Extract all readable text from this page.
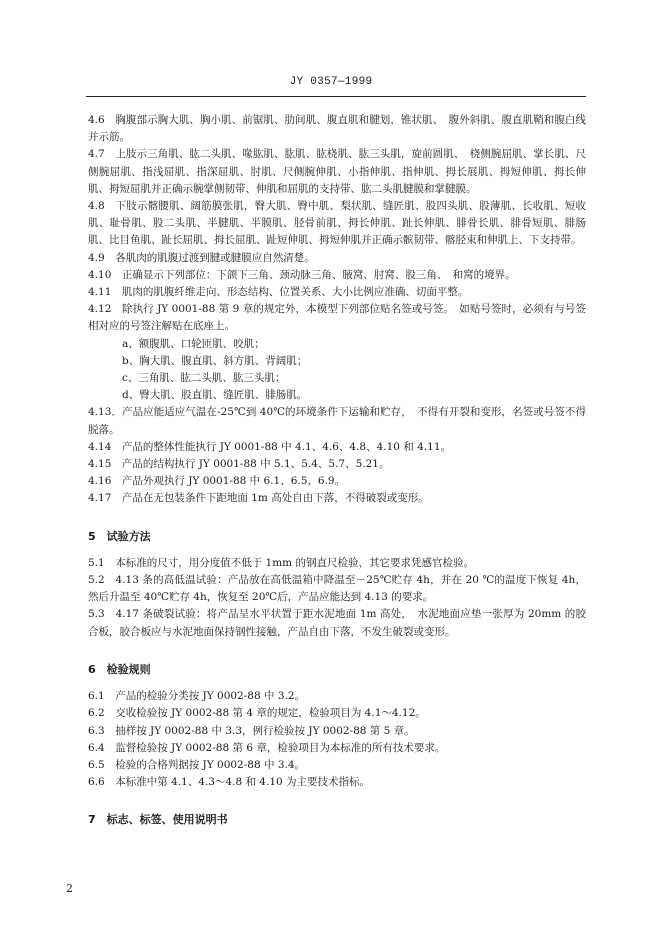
JY 0357—1999

4.6　胸腹部示胸大肌、胸小肌、前锯肌、肋间肌、腹直肌和腱划，锥状肌、　腹外斜肌、腹直肌鞘和腹白线并示筋。

4.7　上肢示三角肌、肱二头肌、喙肱肌、肱肌、肱桡肌、肱三头肌，旋前圆肌、　桡侧腕屈肌、掌长肌、尺侧腕屈肌、指浅屈肌、指深屈肌、肘肌、尺侧腕伸肌、小指伸肌、指伸肌、拇长展肌、拇短伸肌、拇长伸肌、拇短屈肌并正确示腕掌侧韧带、伸肌和屈肌的支持带、肱二头肌腱膜和掌腱膜。

4.8　下肢示髂腰肌、阔筋膜张肌，臀大肌、臀中肌、梨状肌、缝匠肌、股四头肌、股薄肌、长收肌、短收肌、耻骨肌、股二头肌、半腱肌、半膜肌、胫骨前肌、拇长伸肌、趾长伸肌、腓骨长肌、腓骨短肌、腓肠肌、比目鱼肌、趾长屈肌、拇长屈肌、趾短伸肌、拇短伸肌并正确示髌韧带、髂胫束和伸肌上、下支持带。

4.9　各肌肉的肌腹过渡到腱或腱膜应自然清楚。

4.10　正确显示下列部位：下颌下三角、颈动脉三角、腋窝、肘窝、股三角、　和窝的境界。

4.11　肌肉的肌腹纤维走向、形态结构、位置关系、大小比例应准确、切面平整。

4.12　除执行 JY 0001-88 第 9 章的规定外，本模型下列部位贴名签或号签。　如贴号签时，必须有与号签相对应的号签注解贴在底座上。

a、额腹肌、口轮匝肌、咬肌；

b、胸大肌、腹直肌、斜方肌、背阔肌；

c、三角肌、肱二头肌、肱三头肌；

d、臀大肌、股直肌、缝匠肌、腓肠肌。

4.13．产品应能适应气温在-25℃到 40℃的环境条件下运输和贮存，　不得有开裂和变形，名签或号签不得脱落。

4.14　产品的整体性能执行 JY 0001-88 中 4.1、4.6、4.8、4.10 和 4.11。

4.15　产品的结构执行 JY 0001-88 中 5.1、5.4、5.7、5.21。

4.16　产品外观执行 JY 0001-88 中 6.1、6.5、6.9。

4.17　产品在无包装条件下距地面 1m 高处自由下落，不得破裂或变形。

5　试验方法

5.1　本标准的尺寸，用分度值不低于 1mm 的钢直尺检验，其它要求凭感官检验。

5.2　4.13 条的高低温试验：产品放在高低温箱中降温至－25℃贮存 4h，并在 20 ℃的温度下恢复 4h，然后升温至 40℃贮存 4h，恢复至 20℃后，产品应能达到 4.13 的要求。

5.3　4.17 条破裂试验：将产品呈水平状置于距水泥地面 1m 高处，　水泥地面应垫一张厚为 20mm 的胶合板，胶合板应与水泥地面保持钢性接触，产品自由下落，不发生破裂或变形。

6　检验规则

6.1　产品的检验分类按 JY 0002-88 中 3.2。

6.2　交收检验按 JY 0002-88 第 4 章的规定，检验项目为 4.1～4.12。

6.3　抽样按 JY 0002-88 中 3.3，例行检验按 JY 0002-88 第 5 章。

6.4　监督检验按 JY 0002-88 第 6 章，检验项目为本标准的所有技术要求。

6.5　检验的合格判据按 JY 0002-88 中 3.4。

6.6　本标准中第 4.1、4.3～4.8 和 4.10 为主要技术指标。

7　标志、标签、使用说明书

2
